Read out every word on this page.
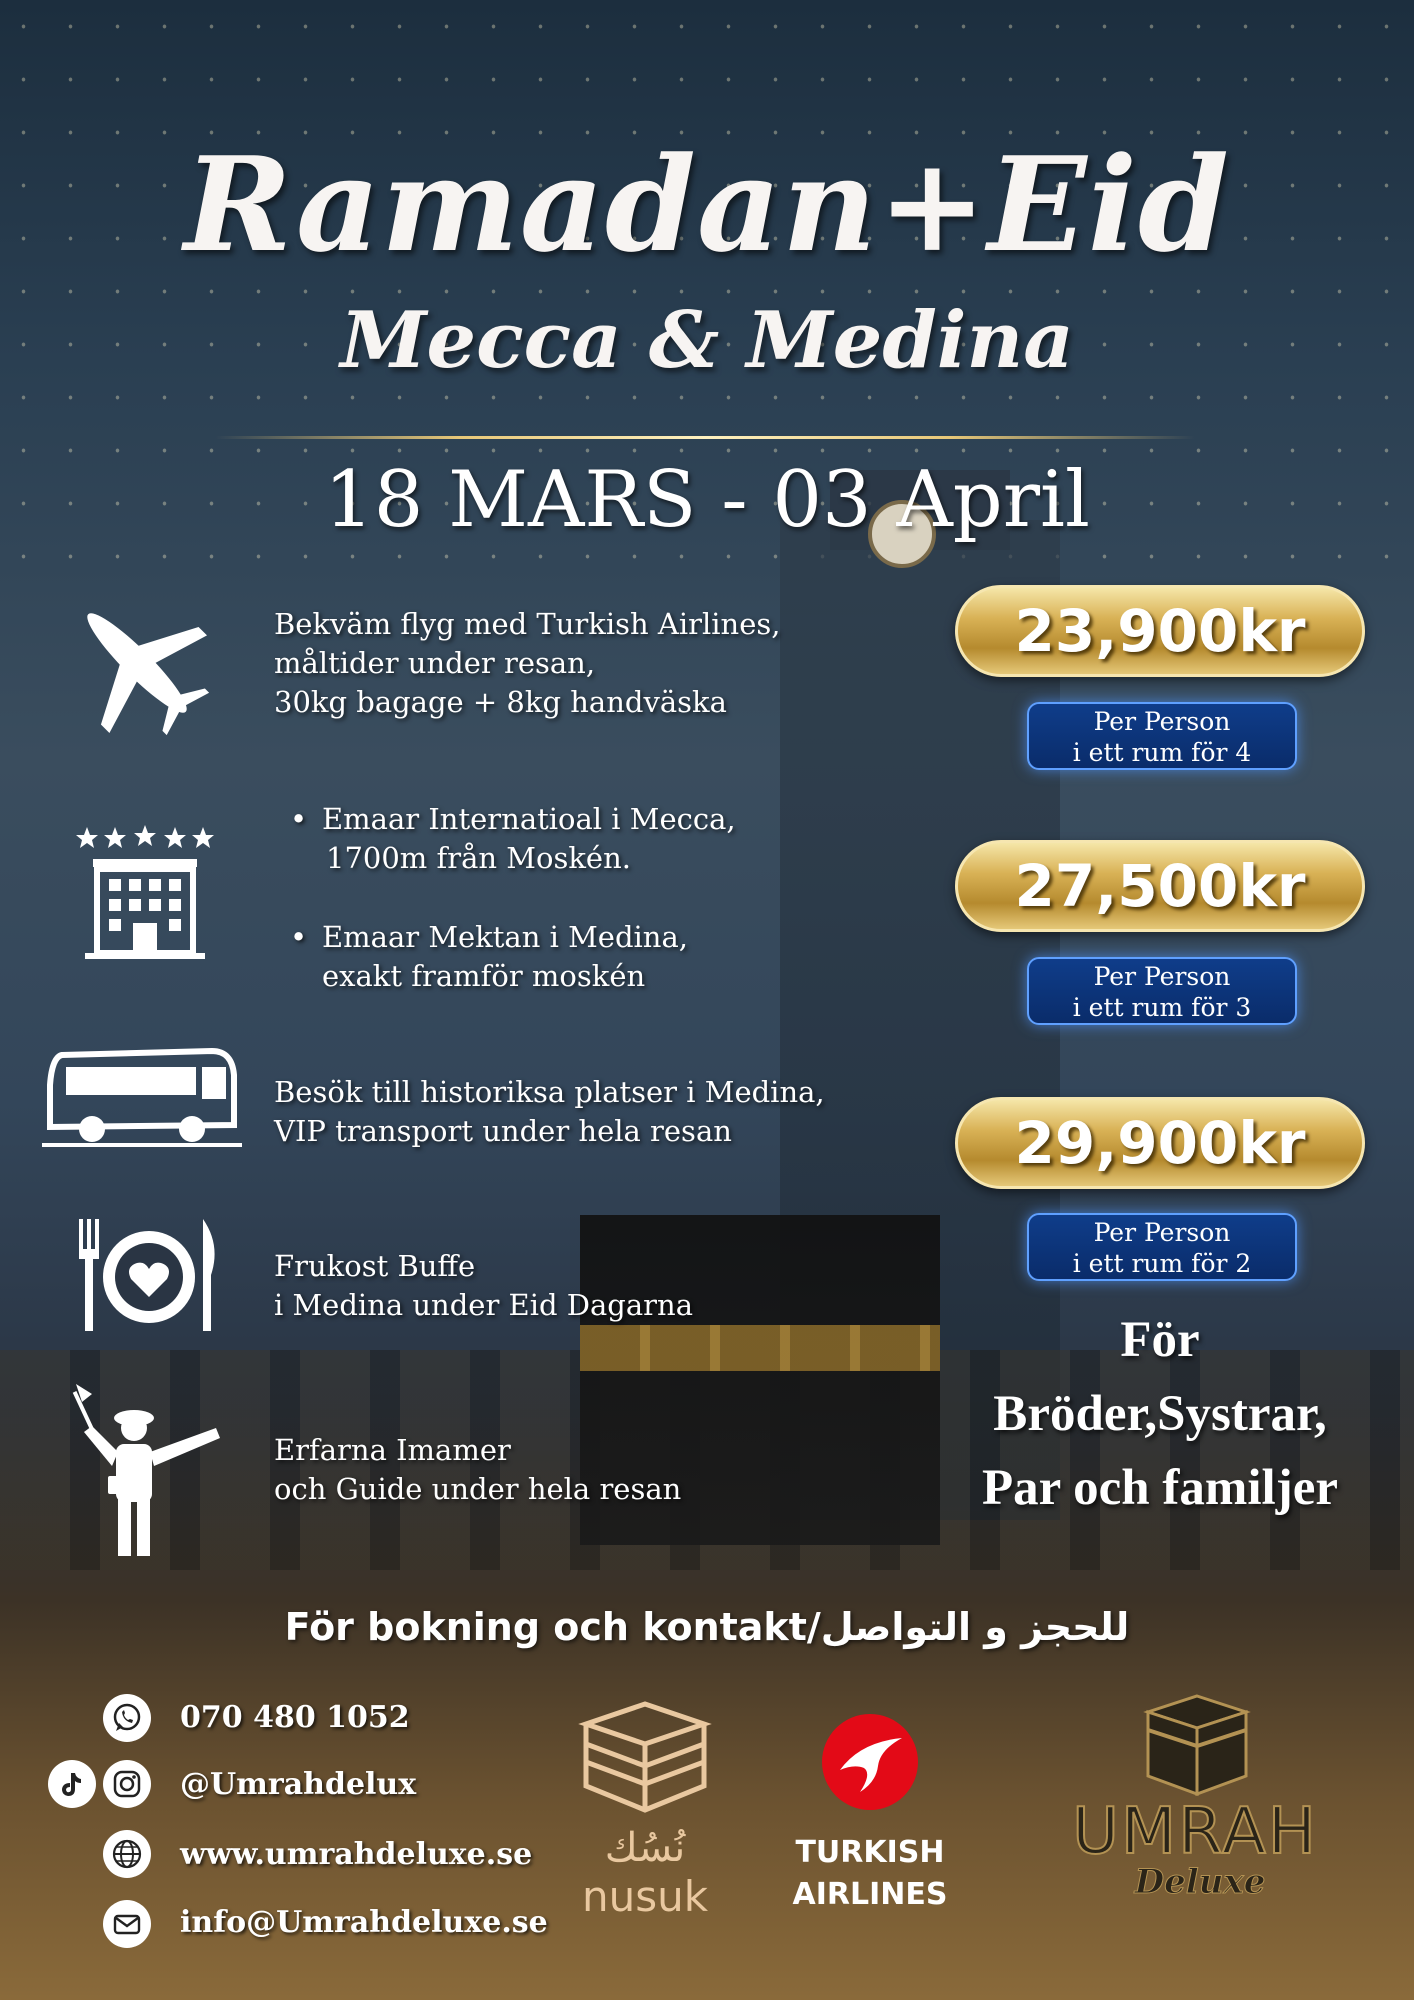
Ramadan+Eid
Mecca & Medina
18 MARS - 03 April
Bekväm flyg med Turkish Airlines,
måltider under resan,
30kg bagage + 8kg handväska
• Emaar Internatioal i Mecca,
1700m från Moskén.
• Emaar Mektan i Medina,
exakt framför moskén
Besök till historiksa platser i Medina,
VIP transport under hela resan
Frukost Buffe
i Medina under Eid Dagarna
Erfarna Imamer
och Guide under hela resan
23,900kr
Per Person
i ett rum för 4
27,500kr
Per Person
i ett rum för 3
29,900kr
Per Person
i ett rum för 2
För
Bröder,Systrar,
Par och familjer
För bokning och kontakt/للحجز و التواصل
070 480 1052
@Umrahdelux
www.umrahdeluxe.se
info@Umrahdeluxe.se
نُسُك
nusuk
TURKISH
AIRLINES
UMRAH
Deluxe
